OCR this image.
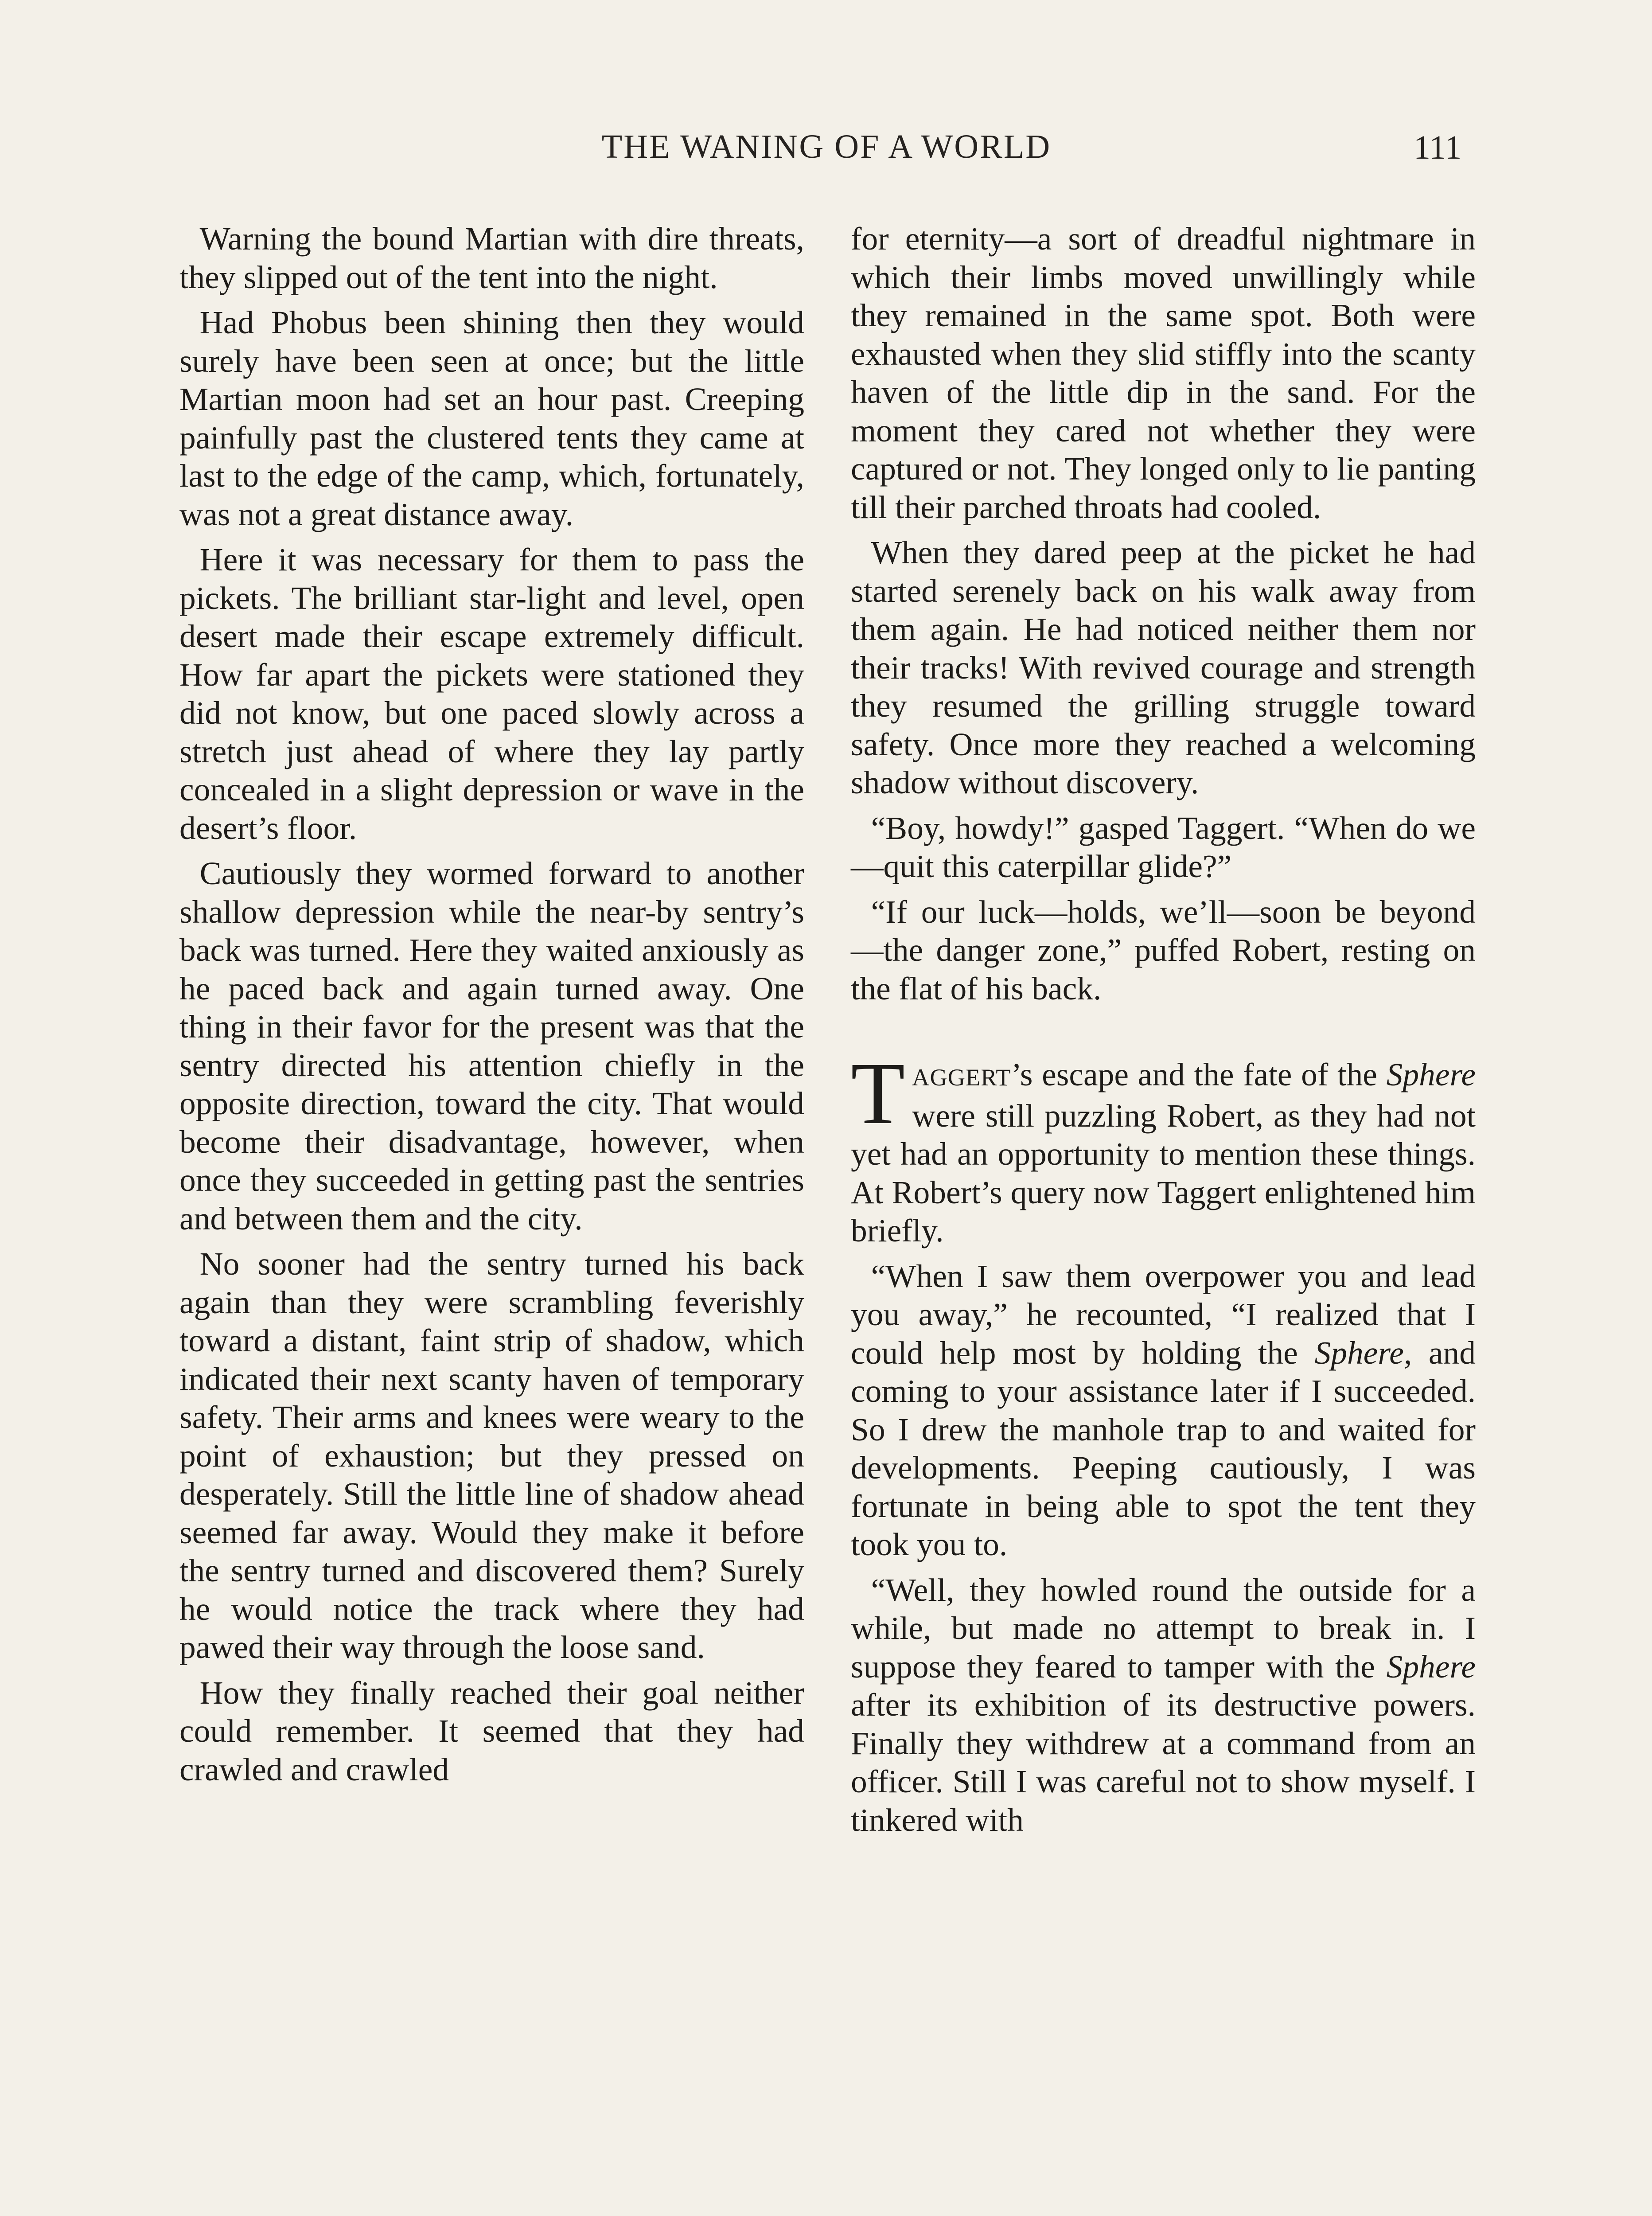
THE WANING OF A WORLD	111

Warning the bound Martian with dire threats, they slipped out of the tent into the night.

Had Phobus been shining then they would surely have been seen at once; but the little Martian moon had set an hour past. Creeping painfully past the clustered tents they came at last to the edge of the camp, which, fortunately, was not a great distance away.

Here it was necessary for them to pass the pickets. The brilliant star-light and level, open desert made their escape extremely difficult. How far apart the pickets were stationed they did not know, but one paced slowly across a stretch just ahead of where they lay partly concealed in a slight depression or wave in the desert’s floor.

Cautiously they wormed forward to another shallow depression while the near-by sentry’s back was turned. Here they waited anxiously as he paced back and again turned away. One thing in their favor for the present was that the sentry directed his attention chiefly in the opposite direction, toward the city. That would become their disadvantage, however, when once they succeeded in getting past the sentries and between them and the city.

No sooner had the sentry turned his back again than they were scrambling feverishly toward a distant, faint strip of shadow, which indicated their next scanty haven of temporary safety. Their arms and knees were weary to the point of exhaustion; but they pressed on desperately. Still the little line of shadow ahead seemed far away. Would they make it before the sentry turned and discovered them? Surely he would notice the track where they had pawed their way through the loose sand.

How they finally reached their goal neither could remember. It seemed that they had crawled and crawled

for eternity—a sort of dreadful nightmare in which their limbs moved unwillingly while they remained in the same spot. Both were exhausted when they slid stiffly into the scanty haven of the little dip in the sand. For the moment they cared not whether they were captured or not. They longed only to lie panting till their parched throats had cooled.

When they dared peep at the picket he had started serenely back on his walk away from them again. He had noticed neither them nor their tracks! With revived courage and strength they resumed the grilling struggle toward safety. Once more they reached a welcoming shadow without discovery.

“Boy, howdy!” gasped Taggert. “When do we—quit this caterpillar glide?”

“If our luck—holds, we’ll—soon be beyond—the danger zone,” puffed Robert, resting on the flat of his back.

TAGGERT’s escape and the fate of the Sphere were still puzzling Robert, as they had not yet had an opportunity to mention these things. At Robert’s query now Taggert enlightened him briefly.

“When I saw them overpower you and lead you away,” he recounted, “I realized that I could help most by holding the Sphere, and coming to your assistance later if I succeeded. So I drew the manhole trap to and waited for developments. Peeping cautiously, I was fortunate in being able to spot the tent they took you to.

“Well, they howled round the outside for a while, but made no attempt to break in. I suppose they feared to tamper with the Sphere after its exhibition of its destructive powers. Finally they withdrew at a command from an officer. Still I was careful not to show myself. I tinkered with
